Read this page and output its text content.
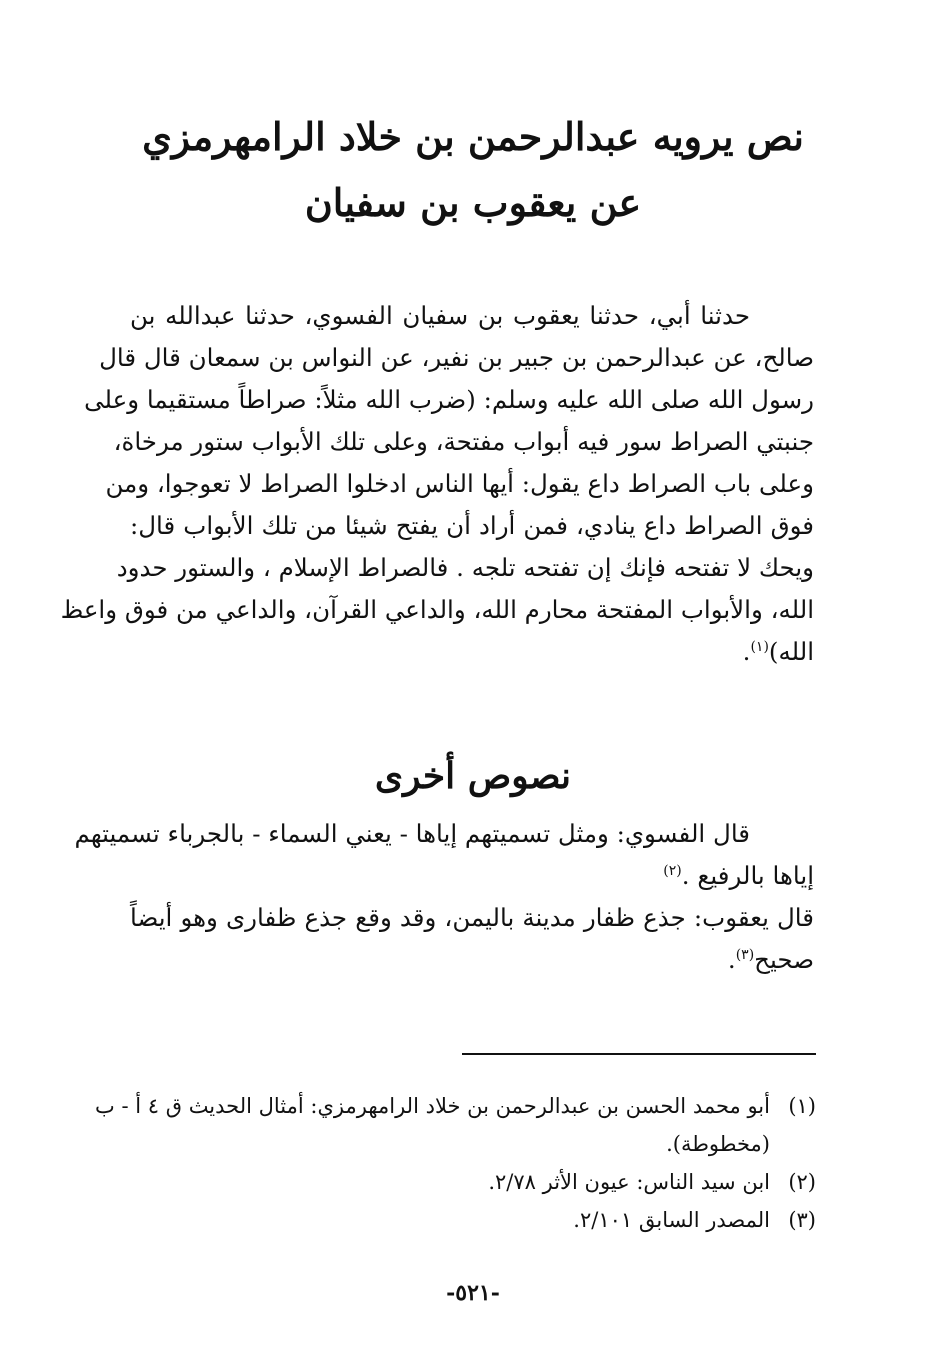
نص يرويه عبدالرحمن بن خلاد الرامهرمزي
عن يعقوب بن سفيان
حدثنا أبي، حدثنا يعقوب بن سفيان الفسوي، حدثنا عبدالله بن
صالح، عن عبدالرحمن بن جبير بن نفير، عن النواس بن سمعان قال قال
رسول الله صلى الله عليه وسلم: (ضرب الله مثلاً: صراطاً مستقيما وعلى
جنبتي الصراط سور فيه أبواب مفتحة، وعلى تلك الأبواب ستور مرخاة،
وعلى باب الصراط داع يقول: أيها الناس ادخلوا الصراط لا تعوجوا، ومن
فوق الصراط داع ينادي، فمن أراد أن يفتح شيئا من تلك الأبواب قال:
ويحك لا تفتحه فإنك إن تفتحه تلجه . فالصراط الإسلام ، والستور حدود
الله، والأبواب المفتحة محارم الله، والداعي القرآن، والداعي من فوق واعظ
الله)$^{(١)}$.
نصوص أخرى
قال الفسوي: ومثل تسميتهم إياها - يعني السماء - بالجرباء تسميتهم
إياها بالرفيع .$^{(٢)}$
قال يعقوب: جذع ظفار مدينة باليمن، وقد وقع جذع ظفارى وهو أيضاً
صحيح$^{(٣)}$.
(١)أبو محمد الحسن بن عبدالرحمن بن خلاد الرامهرمزي: أمثال الحديث ق ٤ أ - ب
(مخطوطة).
(٢)ابن سيد الناس: عيون الأثر ٢/٧٨.
(٣)المصدر السابق ٢/١٠١.
-٥٢١-
